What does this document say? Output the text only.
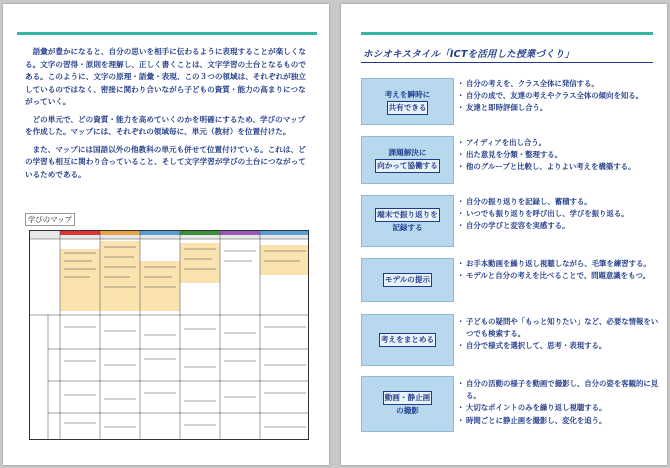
語彙が豊かになると、自分の思いを相手に伝わるように表現することが楽しくなる。文字の習得・原則を理解し、正しく書くことは、文字学習の土台となるものである。このように、文字の原理・語彙・表現、この３つの領域は、それぞれが独立しているのではなく、密接に関わり合いながら子どもの資質・能力の高まりにつながっていく。

どの単元で、どの資質・能力を高めていくのかを明確にするため、学びのマップを作成した。マップには、それぞれの領域毎に、単元（教材）を位置付けた。

また、マップには国語以外の他教科の単元も併せて位置付けている。これは、どの学習も相互に関わり合っていること、そして文字学習が学びの土台につながっているためである。

学びのマップ
ホシオキスタイル「ICTを活用した授業づくり」
考えを瞬時に
共有できる
・ 自分の考えを、クラス全体に発信する。
・ 自分の成で、友達の考えやクラス全体の傾向を知る。
・ 友達と即時評価し合う。
課題解決に
向かって協働する
・ アイディアを出し合う。
・ 出た意見を分類・整理する。
・ 他のグループと比較し、よりよい考えを構築する。
端末で振り返りを
記録する
・ 自分の振り返りを記録し、蓄積する。
・ いつでも振り返りを呼び出し、学びを振り返る。
・ 自分の学びと変容を実感する。
モデルの提示
・ お手本動画を繰り返し視聴しながら、毛筆を練習する。
・ モデルと自分の考えを比べることで、問題意識をもつ。
考えをまとめる
・ 子どもの疑問や「もっと知りたい」など、必要な情報をいつでも検索する。
・ 自分で様式を選択して、思考・表現する。
動画・静止画
の撮影
・ 自分の活動の様子を動画で撮影し、自分の姿を客観的に見る。
・ 大切なポイントのみを繰り返し視聴する。
・ 時間ごとに静止画を撮影し、変化を追う。
